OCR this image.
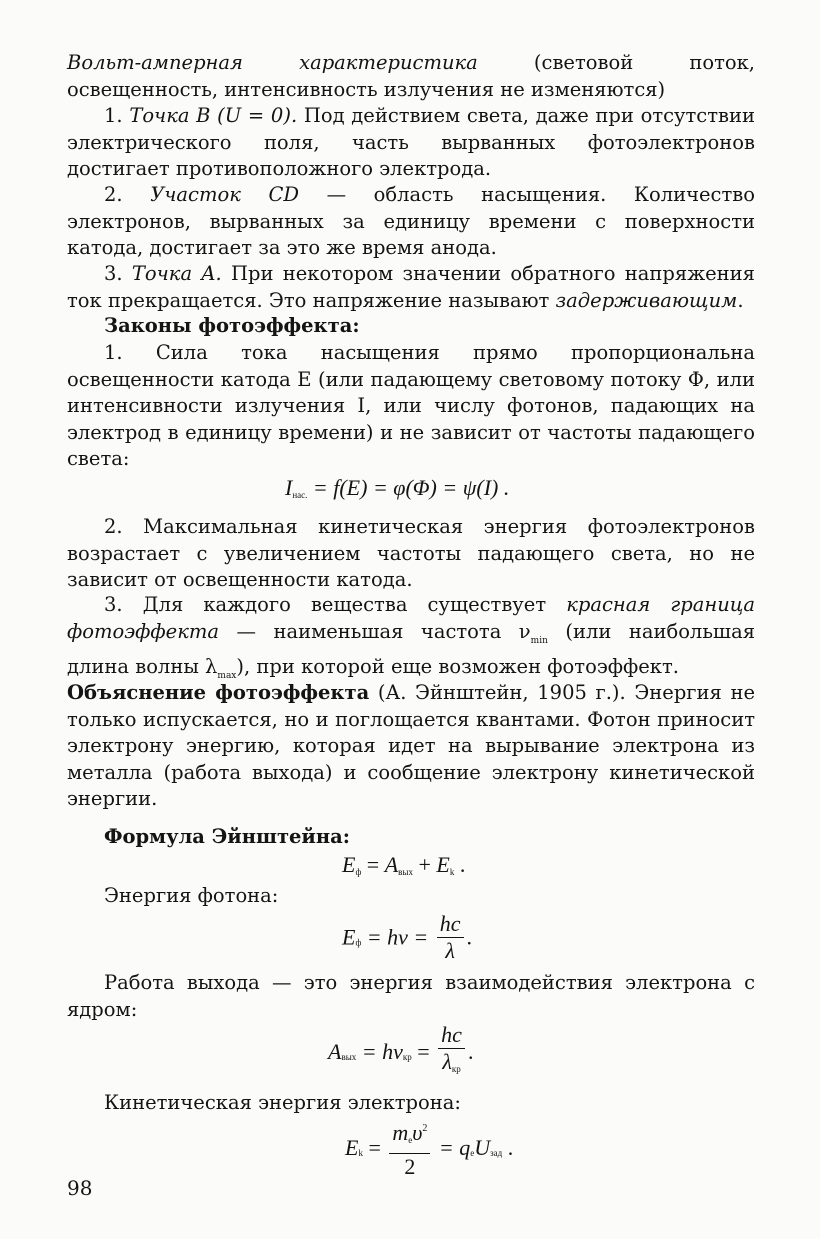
Вольт-амперная характеристика (световой поток, освещенность, интенсивность излучения не изменяются)

1. Точка B (U = 0). Под действием света, даже при отсутствии электрического поля, часть вырванных фотоэлектронов достигает противоположного электрода.

2. Участок CD — область насыщения. Количество электронов, вырванных за единицу времени с поверхности катода, достигает за это же время анода.

3. Точка A. При некотором значении обратного напряжения ток прекращается. Это напряжение называют задерживающим.

Законы фотоэффекта:

1. Сила тока насыщения прямо пропорциональна освещенности катода E (или падающему световому потоку Φ, или интенсивности излучения I, или числу фотонов, падающих на электрод в единицу времени) и не зависит от частоты падающего света:

$I_{нас.} = f(E) = \varphi(\Phi) = \psi(I)$ .

2. Максимальная кинетическая энергия фотоэлектронов возрастает с увеличением частоты падающего света, но не зависит от освещенности катода.

3. Для каждого вещества существует красная граница фотоэффекта — наименьшая частота $\nu_{min}$ (или наибольшая длина волны $\lambda_{max}$), при которой еще возможен фотоэффект.

Объяснение фотоэффекта (А. Эйнштейн, 1905 г.). Энергия не только испускается, но и поглощается квантами. Фотон приносит электрону энергию, которая идет на вырывание электрона из металла (работа выхода) и сообщение электрону кинетической энергии.

Формула Эйнштейна:

$E_ф = A_{вых} + E_k$ .

Энергия фотона:

$E_ф = h\nu = \frac{hc}{\lambda}$ .

Работа выхода — это энергия взаимодействия электрона с ядром:

$A_{вых} = h\nu_{кр} = \frac{hc}{\lambda_{кр}}$ .

Кинетическая энергия электрона:

$E_k = \frac{m_e\upsilon^2}{2} = q_eU_{зад}$ .
98
